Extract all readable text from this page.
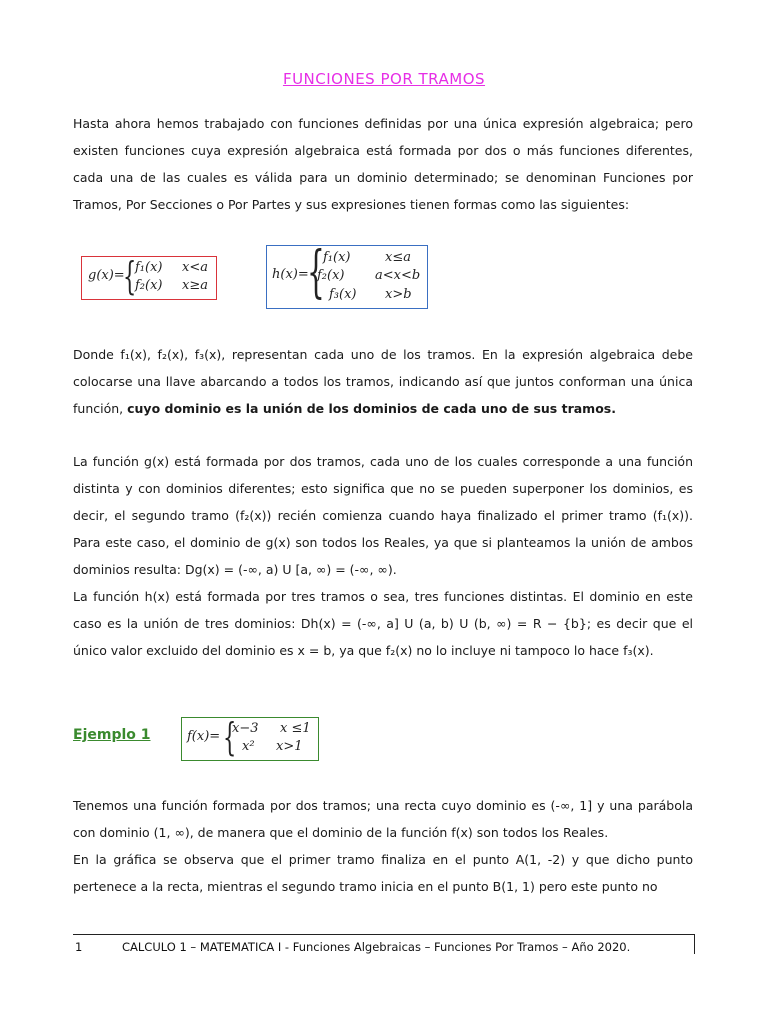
FUNCIONES POR TRAMOS

Hasta ahora hemos trabajado con funciones definidas por una única expresión algebraica; pero existen funciones cuya expresión algebraica está formada por dos o más funciones diferentes, cada una de las cuales es válida para un dominio determinado; se denominan Funciones por Tramos, Por Secciones o Por Partes y sus expresiones tienen formas como las siguientes:

g(x)=
{
f₁(x) x<a
f₂(x) x≥a
h(x)=
{
f₁(x)	x≤a
f₂(x) a<x<b
f₃(x) x>b

Donde f₁(x), f₂(x), f₃(x), representan cada uno de los tramos. En la expresión algebraica debe colocarse una llave abarcando a todos los tramos, indicando así que juntos conforman una única función, cuyo dominio es la unión de los dominios de cada uno de sus tramos.

La función g(x) está formada por dos tramos, cada uno de los cuales corresponde a una función distinta y con dominios diferentes; esto significa que no se pueden superponer los dominios, es decir, el segundo tramo (f₂(x)) recién comienza cuando haya finalizado el primer tramo (f₁(x)). Para este caso, el dominio de g(x) son todos los Reales, ya que si planteamos la unión de ambos dominios resulta: Dg(x) = (-∞, a) U [a, ∞) = (-∞, ∞).

La función h(x) está formada por tres tramos o sea, tres funciones distintas. El dominio en este caso es la unión de tres dominios: Dh(x) = (-∞, a] U (a, b) U (b, ∞) = R − {b}; es decir que el único valor excluido del dominio es x = b, ya que f₂(x) no lo incluye ni tampoco lo hace f₃(x).

Ejemplo 1	f(x)= {
x−3 x ≤1
x² x>1

Tenemos una función formada por dos tramos; una recta cuyo dominio es (-∞, 1] y una parábola con dominio (1, ∞), de manera que el dominio de la función f(x) son todos los Reales.

En la gráfica se observa que el primer tramo finaliza en el punto A(1, -2) y que dicho punto pertenece a la recta, mientras el segundo tramo inicia en el punto B(1, 1) pero este punto no

1	CALCULO 1 – MATEMATICA I - Funciones Algebraicas – Funciones Por Tramos – Año 2020.
